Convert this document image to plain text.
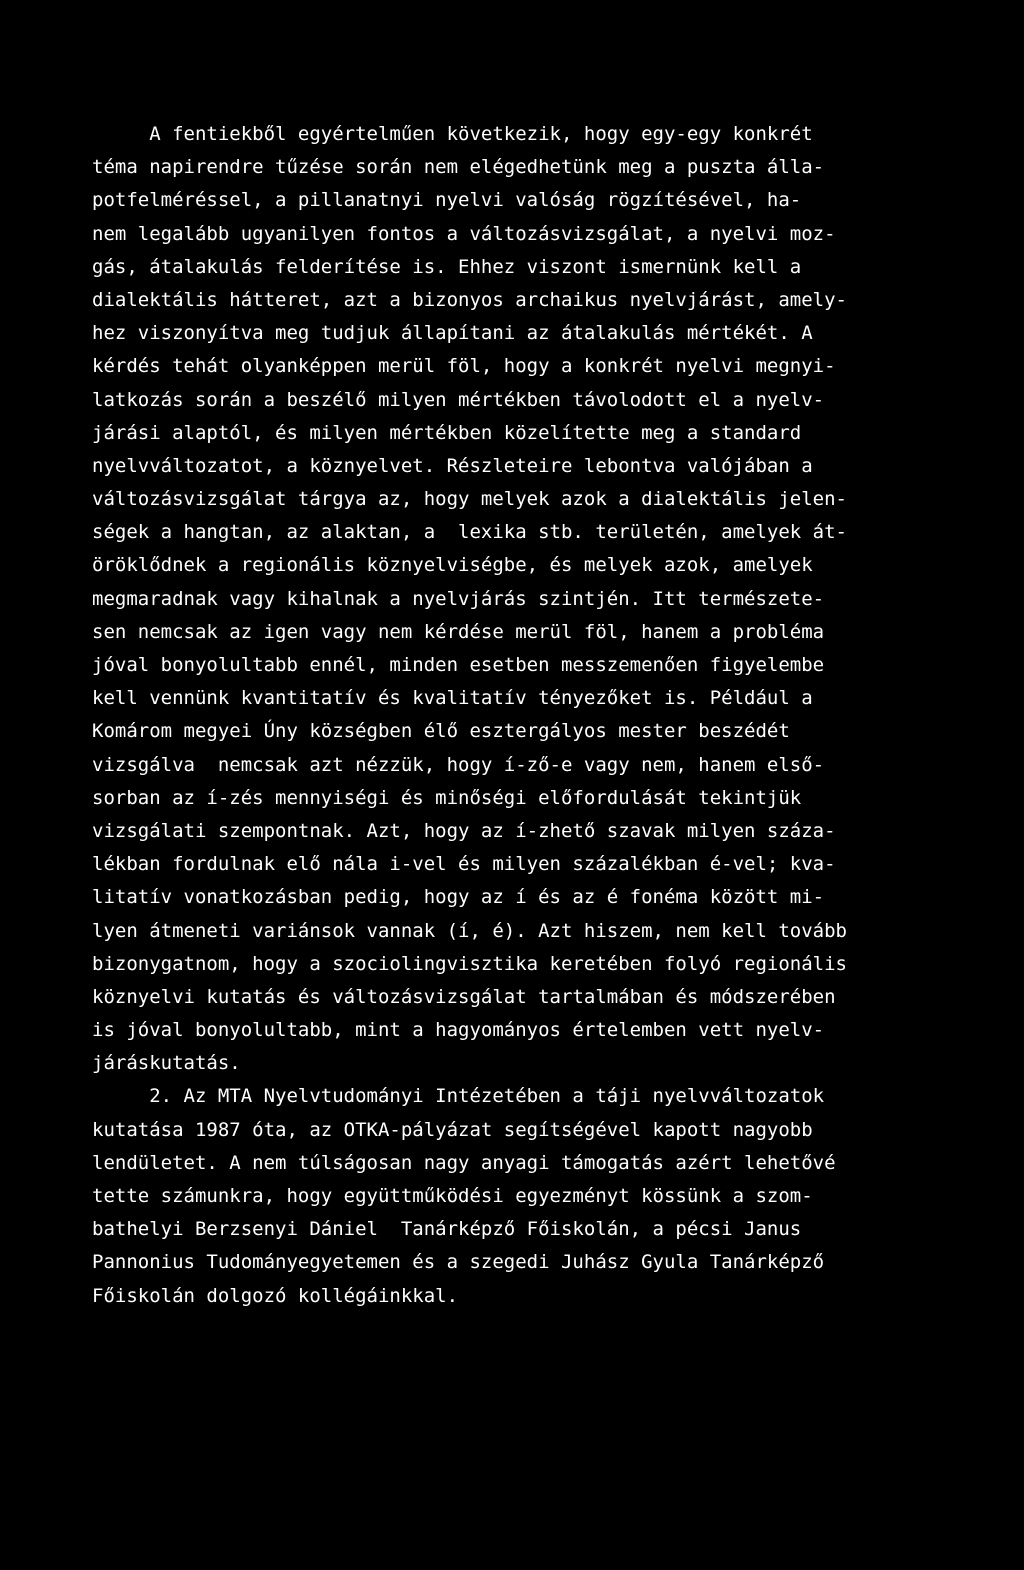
A fentiekből egyértelműen következik, hogy egy-egy konkrét
téma napirendre tűzése során nem elégedhetünk meg a puszta álla-
potfelméréssel, a pillanatnyi nyelvi valóság rögzítésével, ha-
nem legalább ugyanilyen fontos a változásvizsgálat, a nyelvi moz-
gás, átalakulás felderítése is. Ehhez viszont ismernünk kell a
dialektális hátteret, azt a bizonyos archaikus nyelvjárást, amely-
hez viszonyítva meg tudjuk állapítani az átalakulás mértékét. A
kérdés tehát olyanképpen merül föl, hogy a konkrét nyelvi megnyi-
latkozás során a beszélő milyen mértékben távolodott el a nyelv-
járási alaptól, és milyen mértékben közelítette meg a standard
nyelvváltozatot, a köznyelvet. Részleteire lebontva valójában a
változásvizsgálat tárgya az, hogy melyek azok a dialektális jelen-
ségek a hangtan, az alaktan, a  lexika stb. területén, amelyek át-
öröklődnek a regionális köznyelviségbe, és melyek azok, amelyek
megmaradnak vagy kihalnak a nyelvjárás szintjén. Itt természete-
sen nemcsak az igen vagy nem kérdése merül föl, hanem a probléma
jóval bonyolultabb ennél, minden esetben messzemenően figyelembe
kell vennünk kvantitatív és kvalitatív tényezőket is. Például a
Komárom megyei Úny községben élő esztergályos mester beszédét
vizsgálva  nemcsak azt nézzük, hogy í-ző-e vagy nem, hanem első-
sorban az í-zés mennyiségi és minőségi előfordulását tekintjük
vizsgálati szempontnak. Azt, hogy az í-zhető szavak milyen százа-
lékban fordulnak elő nála i-vel és milyen százalékban é-vel; kva-
litatív vonatkozásban pedig, hogy az í és az é fonéma között mi-
lyen átmeneti variánsok vannak (í, é). Azt hiszem, nem kell tovább
bizonygatnom, hogy a szociolingvisztika keretében folyó regionális
köznyelvi kutatás és változásvizsgálat tartalmában és módszerében
is jóval bonyolultabb, mint a hagyományos értelemben vett nyelv-
járáskutatás.
2. Az MTA Nyelvtudományi Intézetében a táji nyelvváltozatok
kutatása 1987 óta, az OTKA-pályázat segítségével kapott nagyobb
lendületet. A nem túlságosan nagy anyagi támogatás azért lehetővé
tette számunkra, hogy együttműködési egyezményt kössünk a szom-
bathelyi Berzsenyi Dániel  Tanárképző Főiskolán, a pécsi Janus
Pannonius Tudományegyetemen és a szegedi Juhász Gyula Tanárképző
Főiskolán dolgozó kollégáinkkal.
